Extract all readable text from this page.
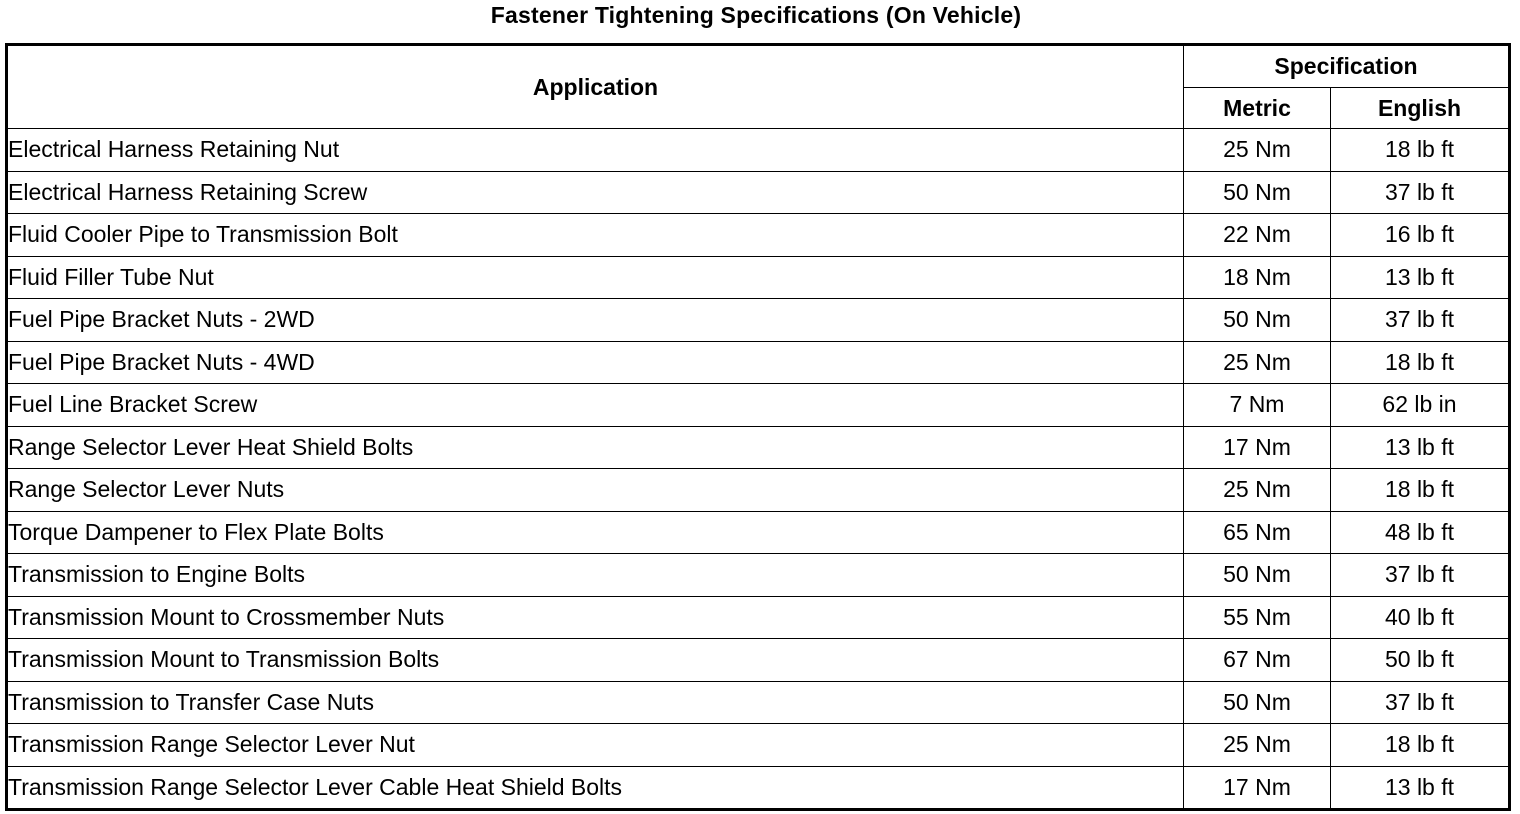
Fastener Tightening Specifications (On Vehicle)
Application	Specification	
	Metric	English
Electrical Harness Retaining Nut	25 Nm	18 lb ft
Electrical Harness Retaining Screw	50 Nm	37 lb ft
Fluid Cooler Pipe to Transmission Bolt	22 Nm	16 lb ft
Fluid Filler Tube Nut	18 Nm	13 lb ft
Fuel Pipe Bracket Nuts - 2WD	50 Nm	37 lb ft
Fuel Pipe Bracket Nuts - 4WD	25 Nm	18 lb ft
Fuel Line Bracket Screw	7 Nm	62 lb in
Range Selector Lever Heat Shield Bolts	17 Nm	13 lb ft
Range Selector Lever Nuts	25 Nm	18 lb ft
Torque Dampener to Flex Plate Bolts	65 Nm	48 lb ft
Transmission to Engine Bolts	50 Nm	37 lb ft
Transmission Mount to Crossmember Nuts	55 Nm	40 lb ft
Transmission Mount to Transmission Bolts	67 Nm	50 lb ft
Transmission to Transfer Case Nuts	50 Nm	37 lb ft
Transmission Range Selector Lever Nut	25 Nm	18 lb ft
Transmission Range Selector Lever Cable Heat Shield Bolts	17 Nm	13 lb ft
